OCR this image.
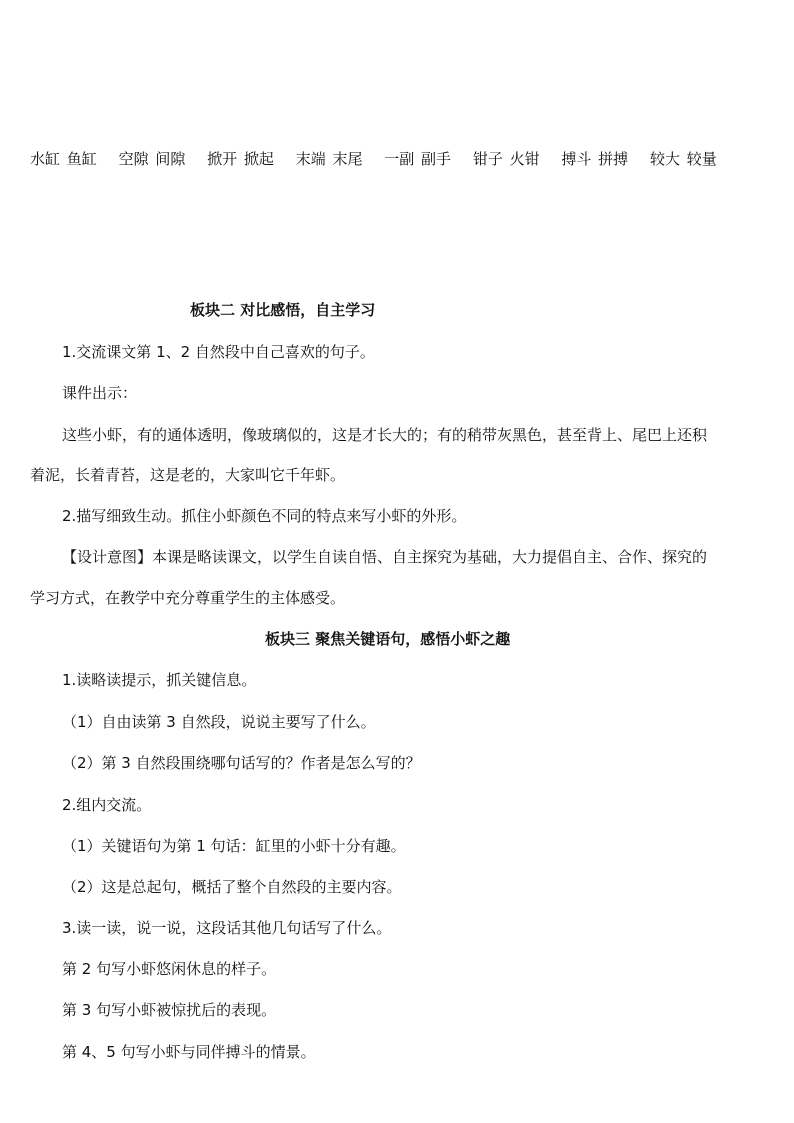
水缸 鱼缸 空隙 间隙 掀开 掀起 末端 末尾 一副 副手 钳子 火钳 搏斗 拼搏 较大 较量
板块二 对比感悟，自主学习
1.交流课文第 1、2 自然段中自己喜欢的句子。
课件出示：
这些小虾，有的通体透明，像玻璃似的，这是才长大的；有的稍带灰黑色，甚至背上、尾巴上还积
着泥，长着青苔，这是老的，大家叫它千年虾。
2.描写细致生动。抓住小虾颜色不同的特点来写小虾的外形。
【设计意图】本课是略读课文，以学生自读自悟、自主探究为基础，大力提倡自主、合作、探究的
学习方式，在教学中充分尊重学生的主体感受。
板块三 聚焦关键语句，感悟小虾之趣
1.读略读提示，抓关键信息。
（1）自由读第 3 自然段，说说主要写了什么。
（2）第 3 自然段围绕哪句话写的？作者是怎么写的？
2.组内交流。
（1）关键语句为第 1 句话：缸里的小虾十分有趣。
（2）这是总起句，概括了整个自然段的主要内容。
3.读一读，说一说，这段话其他几句话写了什么。
第 2 句写小虾悠闲休息的样子。
第 3 句写小虾被惊扰后的表现。
第 4、5 句写小虾与同伴搏斗的情景。
